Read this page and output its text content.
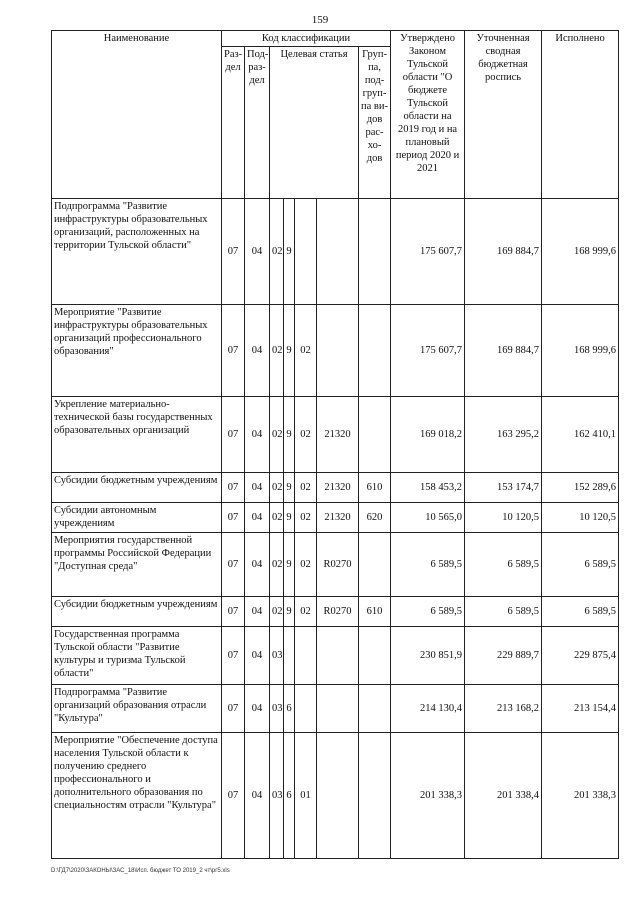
159
Наименование	Код классификации							Утверждено Законом Тульской области "О бюджете Тульской области на 2019 год и на плановый период 2020 и 2021	Уточненная сводная бюджетная роспись	Исполнено
	Раз-дел	Под-раз-дел	Целевая статья				Груп-па, под-груп-па ви-дов рас-хо-дов			
Подпрограмма "Развитие инфраструктуры образовательных организаций, расположенных на территории Тульской области"	07	04	02	9				175 607,7	169 884,7	168 999,6
Мероприятие "Развитие инфраструктуры образовательных организаций профессионального образования"	07	04	02	9	02			175 607,7	169 884,7	168 999,6
Укрепление материально-технической базы государственных образовательных организаций	07	04	02	9	02	21320		169 018,2	163 295,2	162 410,1
Субсидии бюджетным учреждениям	07	04	02	9	02	21320	610	158 453,2	153 174,7	152 289,6
Субсидии автономным учреждениям	07	04	02	9	02	21320	620	10 565,0	10 120,5	10 120,5
Мероприятия государственной программы Российской Федерации "Доступная среда"	07	04	02	9	02	R0270		6 589,5	6 589,5	6 589,5
Субсидии бюджетным учреждениям	07	04	02	9	02	R0270	610	6 589,5	6 589,5	6 589,5
Государственная программа Тульской области "Развитие культуры и туризма Тульской области"	07	04	03					230 851,9	229 889,7	229 875,4
Подпрограмма "Развитие организаций образования отрасли "Культура"	07	04	03	6				214 130,4	213 168,2	213 154,4
Мероприятие "Обеспечение доступа населения Тульской области к получению среднего профессионального и дополнительного образования по специальностям отрасли "Культура"	07	04	03	6	01			201 338,3	201 338,4	201 338,3
D:\ГД7\2020\ЗАКОНЫ\ЗАС_18\Исп. бюджет ТО 2019_2 чт\рг5.xls
